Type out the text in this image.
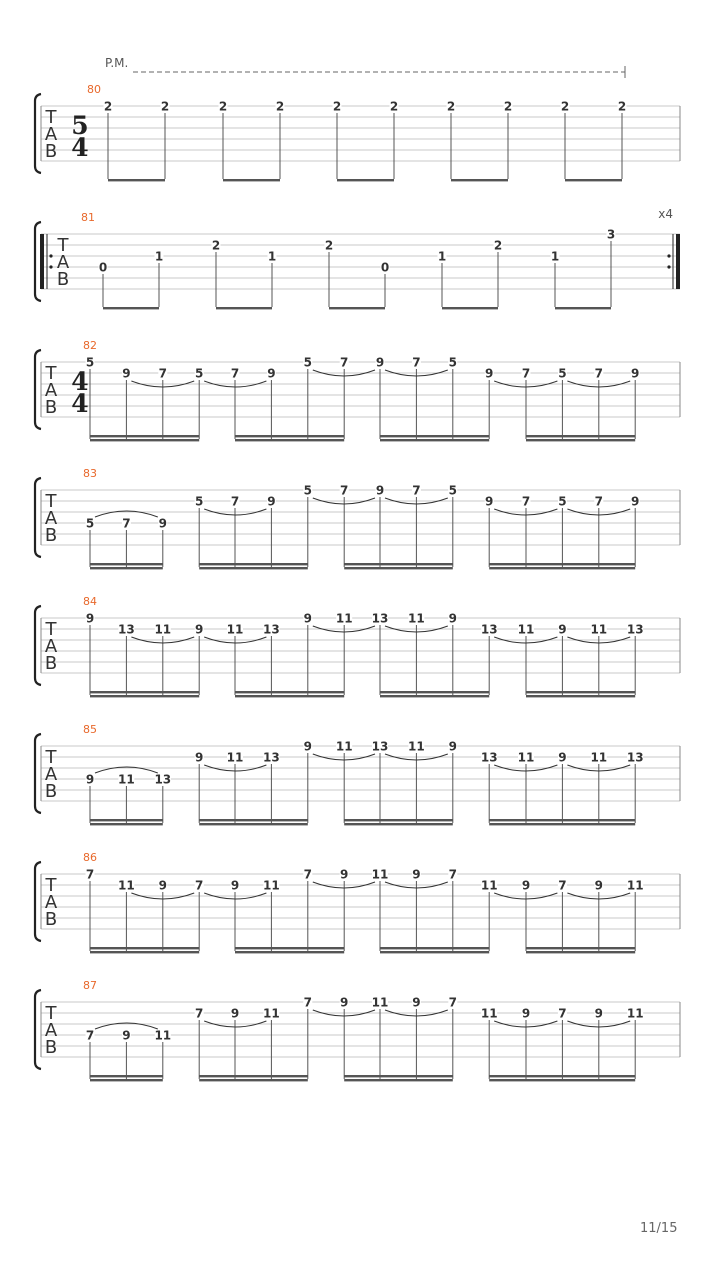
P.M.
80
T
A
B
5
4
2	2	2	2	2	2	2	2	2	2
81
T
A
B
x4
0
1
2
1
2
0
1
2
1
3
82
T
A
B
4
4
5
9 7 5 7 9
5 7 9 7 5
9 7 5 7 9
83
T
A
B
5 7 9
5 7 9
5 7 9 7 5
9 7 5 7 9
84
T
A
B
9
13 11 9 11 13
9 11 13 11 9
13 11 9 11 13
85
T
A
B
9 11 13
9 11 13
9 11 13 11 9
13 11 9 11 13
86
T
A
B
7
11 9 7 9 11
7 9 11 9 7
11 9 7 9 11
87
T
A
B
7 9 11
7 9 11
7 9 11 9 7
11 9 7 9 11
11/15
